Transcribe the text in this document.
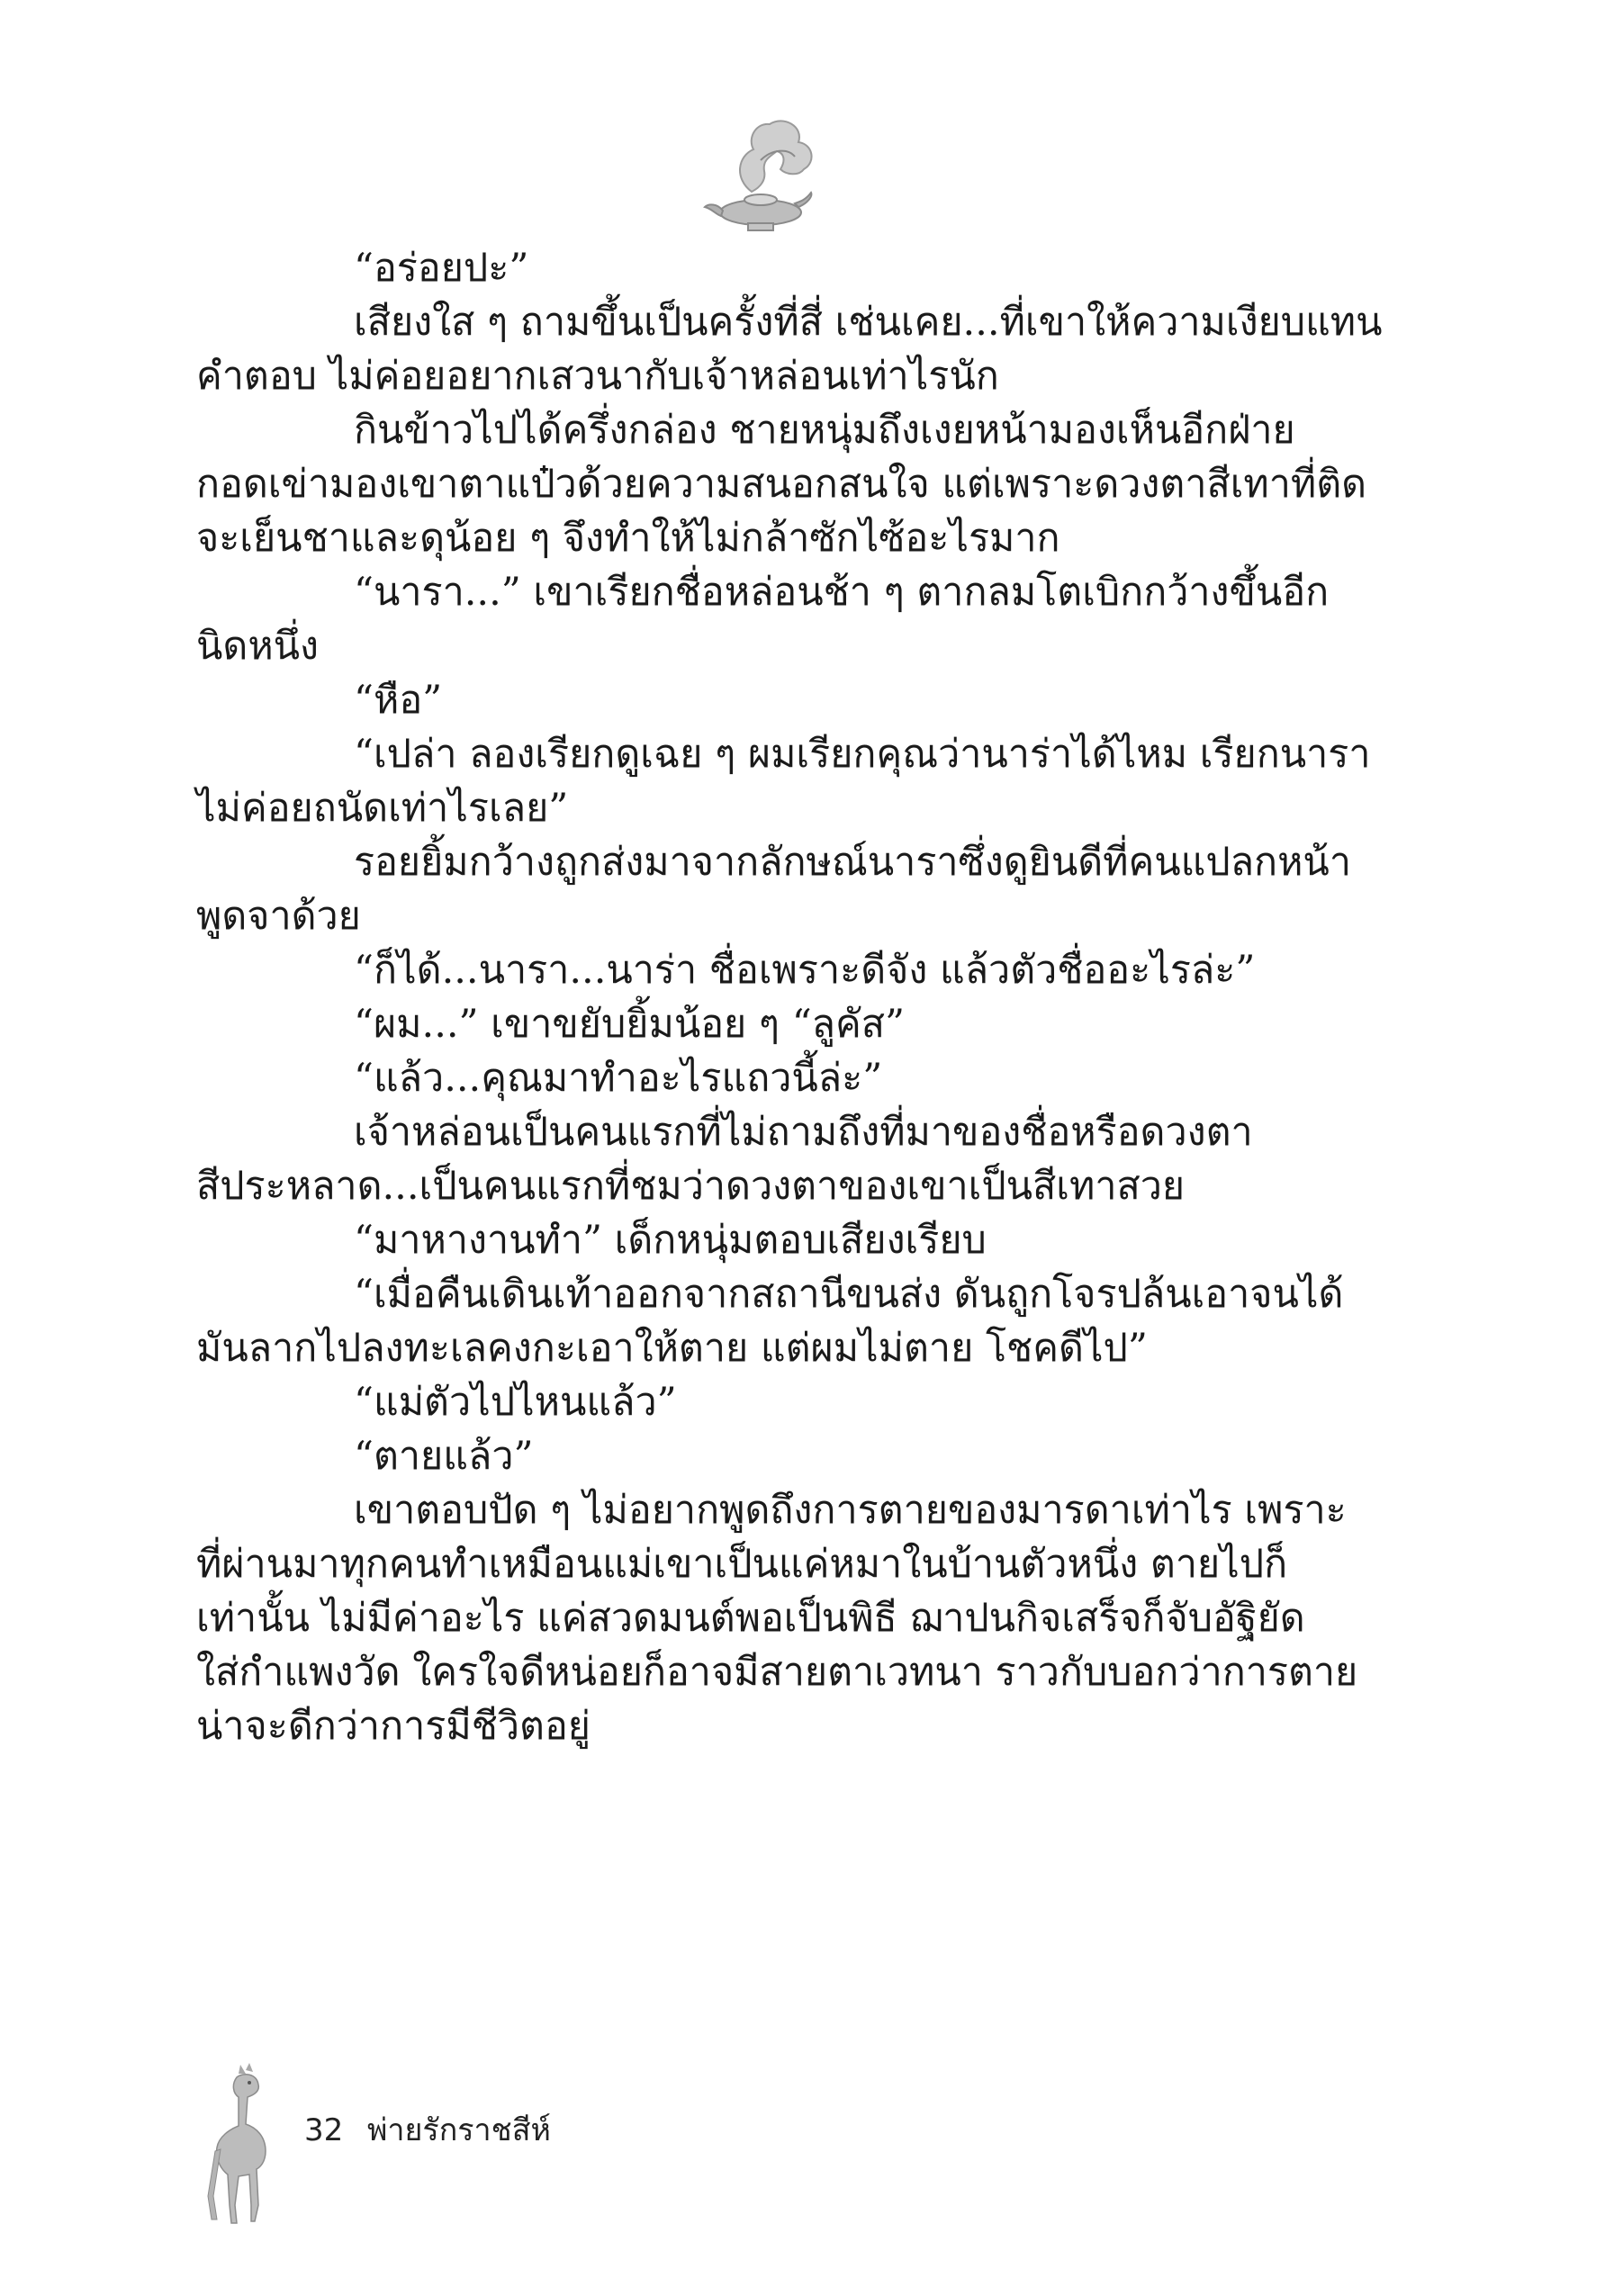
“อร่อยปะ”
เสียงใส ๆ ถามขึ้นเป็นครั้งที่สี่ เช่นเคย...ที่เขาให้ความเงียบแทน
คำตอบ ไม่ค่อยอยากเสวนากับเจ้าหล่อนเท่าไรนัก
กินข้าวไปได้ครึ่งกล่อง ชายหนุ่มถึงเงยหน้ามองเห็นอีกฝ่าย
กอดเข่ามองเขาตาแป๋วด้วยความสนอกสนใจ แต่เพราะดวงตาสีเทาที่ติด
จะเย็นชาและดุน้อย ๆ จึงทำให้ไม่กล้าซักไซ้อะไรมาก
“นารา...” เขาเรียกชื่อหล่อนช้า ๆ ตากลมโตเบิกกว้างขึ้นอีก
นิดหนึ่ง
“หือ”
“เปล่า ลองเรียกดูเฉย ๆ ผมเรียกคุณว่านาร่าได้ไหม เรียกนารา
ไม่ค่อยถนัดเท่าไรเลย”
รอยยิ้มกว้างถูกส่งมาจากลักษณ์นาราซึ่งดูยินดีที่คนแปลกหน้า
พูดจาด้วย
“ก็ได้...นารา...นาร่า ชื่อเพราะดีจัง แล้วตัวชื่ออะไรล่ะ”
“ผม...” เขาขยับยิ้มน้อย ๆ “ลูคัส”
“แล้ว...คุณมาทำอะไรแถวนี้ล่ะ”
เจ้าหล่อนเป็นคนแรกที่ไม่ถามถึงที่มาของชื่อหรือดวงตา
สีประหลาด...เป็นคนแรกที่ชมว่าดวงตาของเขาเป็นสีเทาสวย
“มาหางานทำ” เด็กหนุ่มตอบเสียงเรียบ
“เมื่อคืนเดินเท้าออกจากสถานีขนส่ง ดันถูกโจรปล้นเอาจนได้
มันลากไปลงทะเลคงกะเอาให้ตาย แต่ผมไม่ตาย โชคดีไป”
“แม่ตัวไปไหนแล้ว”
“ตายแล้ว”
เขาตอบปัด ๆ ไม่อยากพูดถึงการตายของมารดาเท่าไร เพราะ
ที่ผ่านมาทุกคนทำเหมือนแม่เขาเป็นแค่หมาในบ้านตัวหนึ่ง ตายไปก็
เท่านั้น ไม่มีค่าอะไร แค่สวดมนต์พอเป็นพิธี ฌาปนกิจเสร็จก็จับอัฐิยัด
ใส่กำแพงวัด ใครใจดีหน่อยก็อาจมีสายตาเวทนา ราวกับบอกว่าการตาย
น่าจะดีกว่าการมีชีวิตอยู่
32 พ่ายรักราชสีห์
